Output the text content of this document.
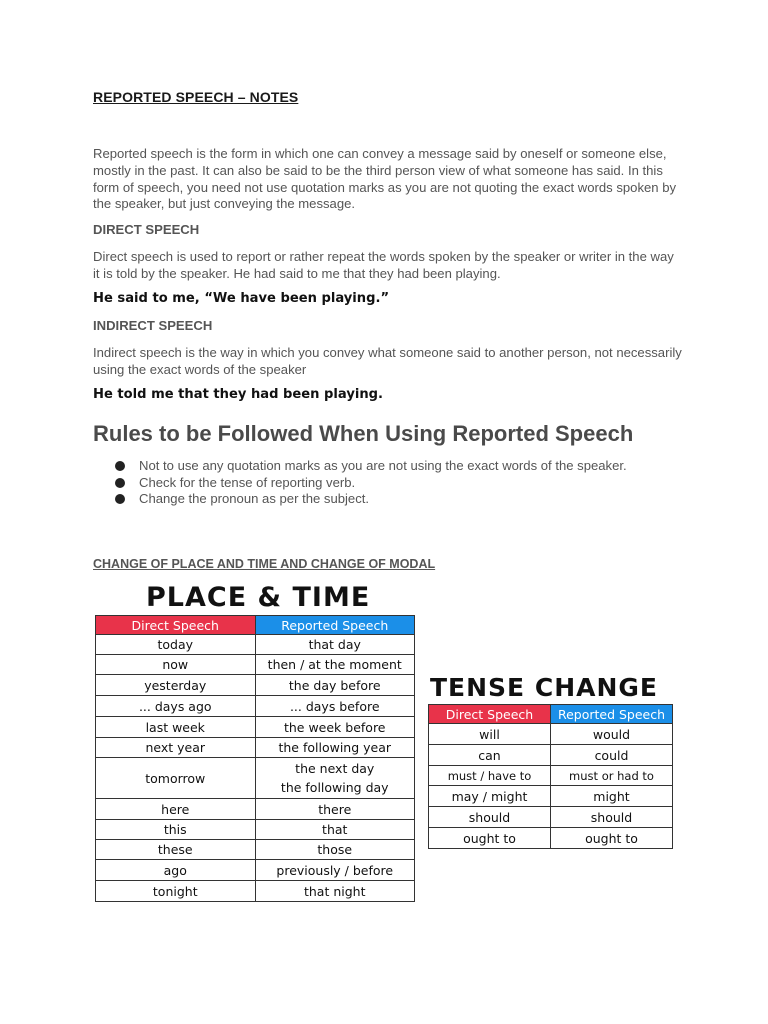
REPORTED SPEECH – NOTES

Reported speech is the form in which one can convey a message said by oneself or someone else, mostly in the past. It can also be said to be the third person view of what someone has said. In this form of speech, you need not use quotation marks as you are not quoting the exact words spoken by the speaker, but just conveying the message.

DIRECT SPEECH

Direct speech is used to report or rather repeat the words spoken by the speaker or writer in the way it is told by the speaker. He had said to me that they had been playing.

He said to me, “We have been playing.”

INDIRECT SPEECH

Indirect speech is the way in which you convey what someone said to another person, not necessarily using the exact words of the speaker

He told me that they had been playing.

Rules to be Followed When Using Reported Speech
Not to use any quotation marks as you are not using the exact words of the speaker.
Check for the tense of reporting verb.
Change the pronoun as per the subject.

CHANGE OF PLACE AND TIME AND CHANGE OF MODAL

PLACE & TIME

Direct Speech	Reported Speech
today	that day
now	then / at the moment
yesterday	the day before
... days ago	... days before
last week	the week before
next year	the following year
tomorrow	the next day
the following day

here	there
this	that
these	those
ago	previously / before
tonight	that night

TENSE CHANGE

Direct Speech	Reported Speech
will	would
can	could
must / have to	must or had to
may / might	might
should	should
ought to	ought to
